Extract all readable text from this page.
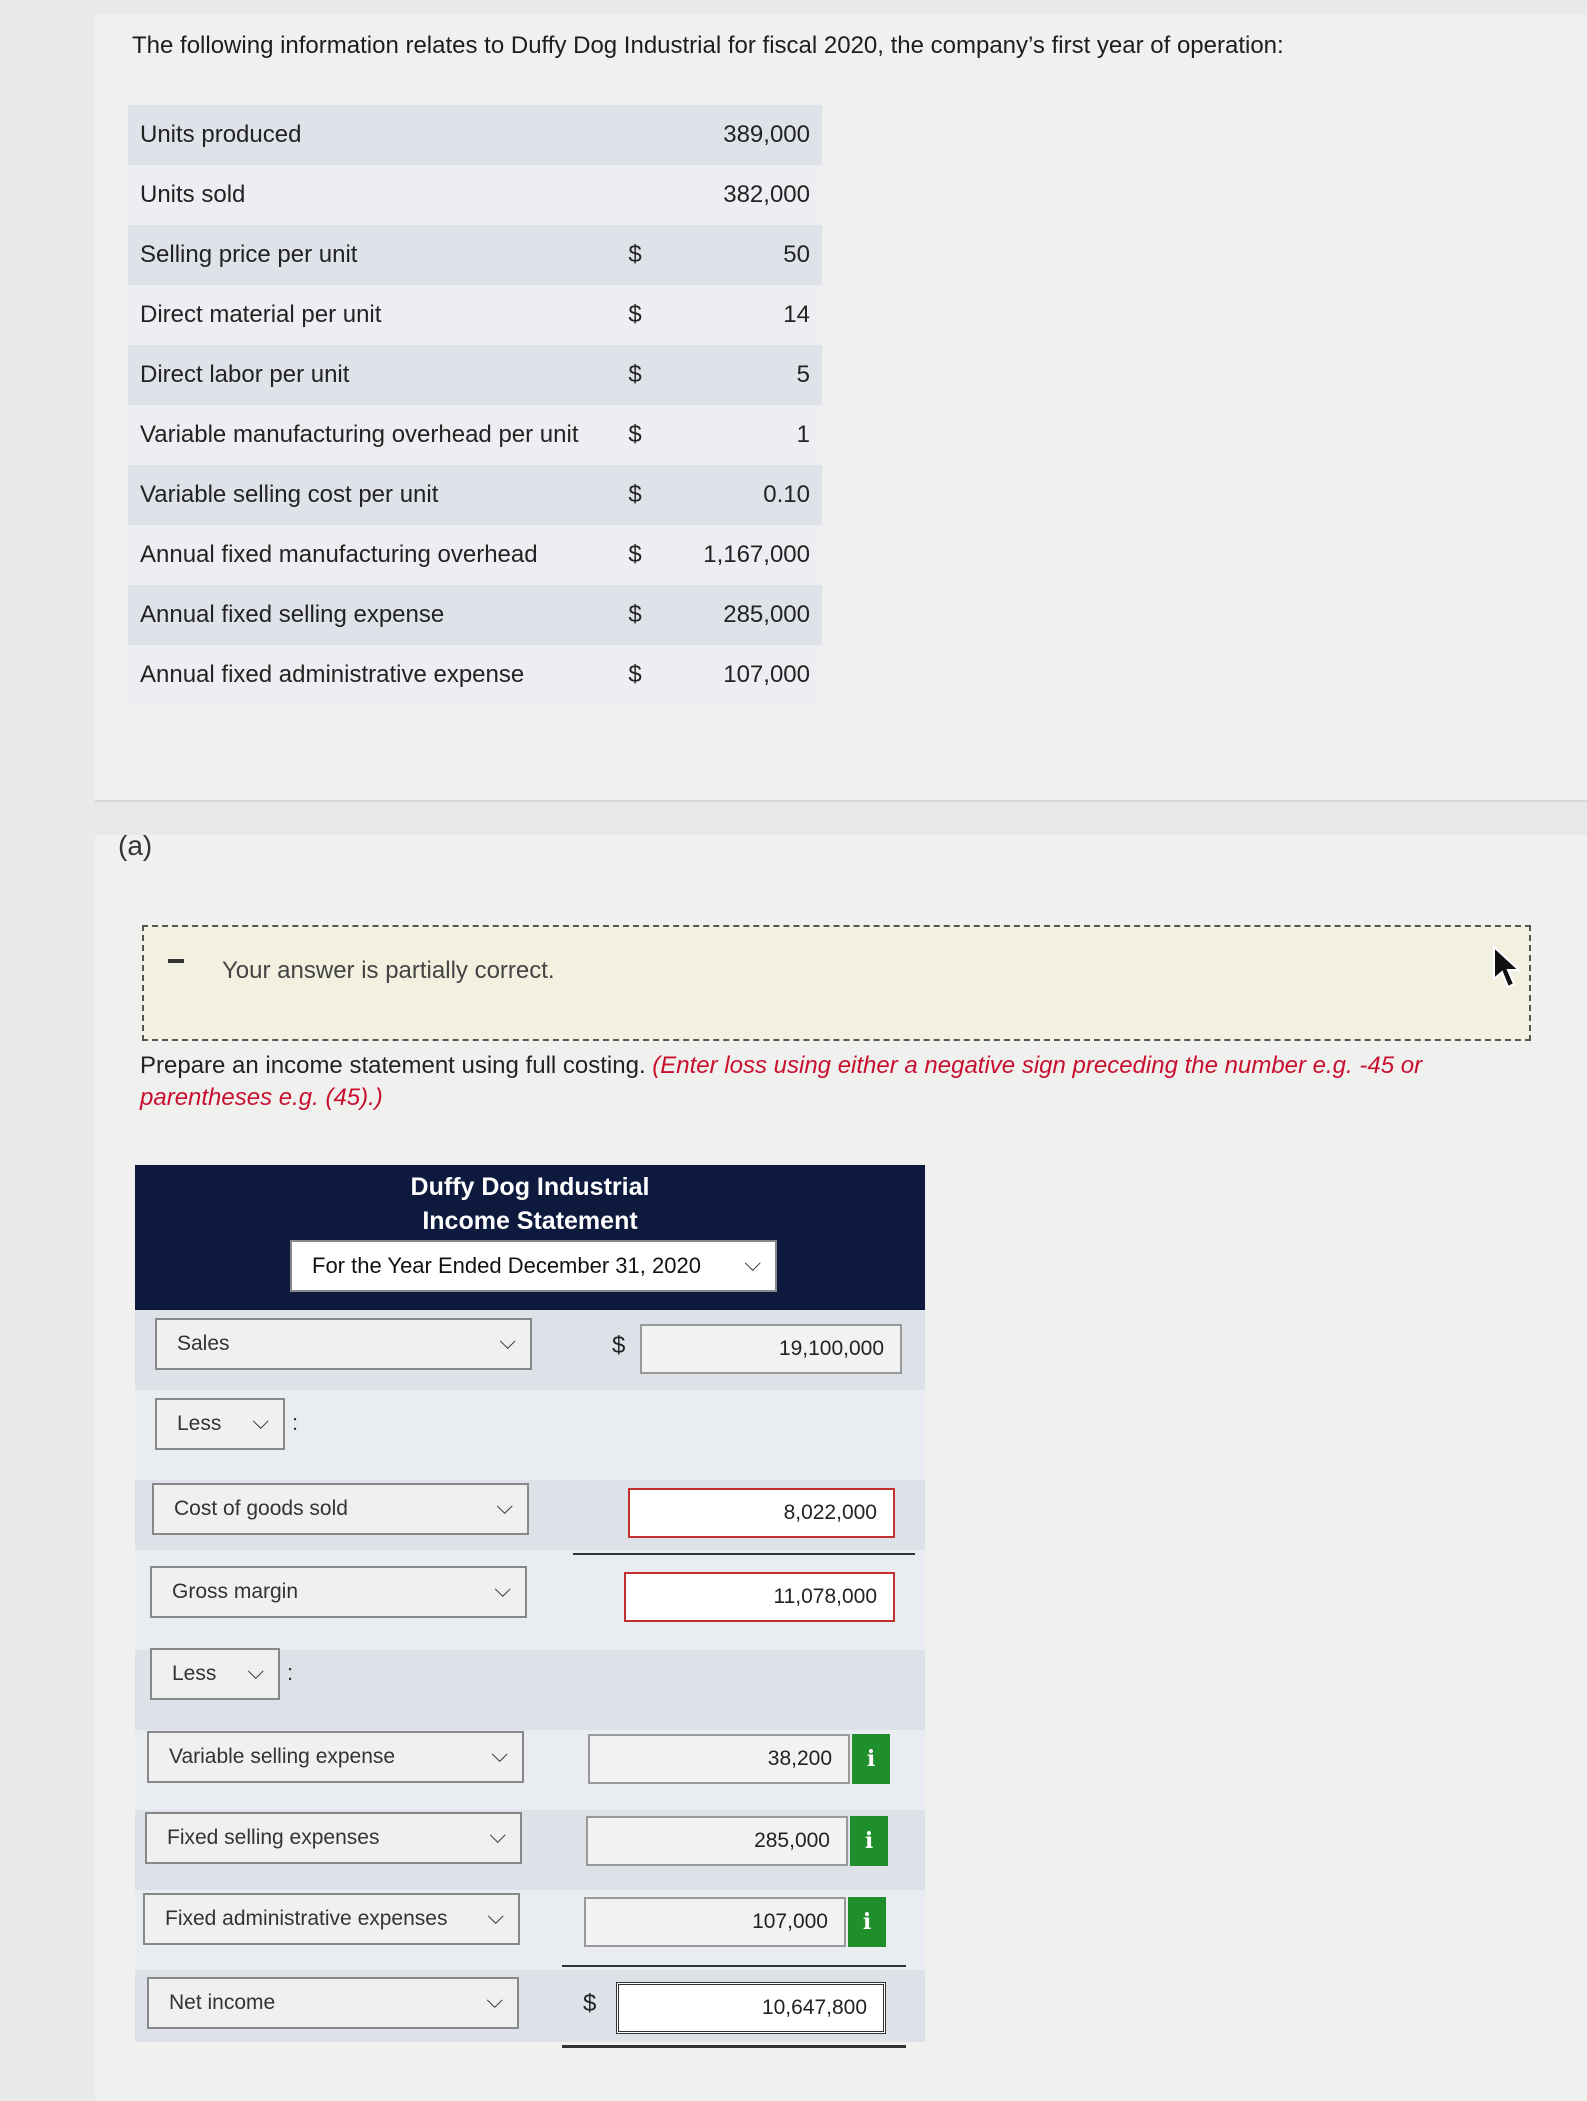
The following information relates to Duffy Dog Industrial for fiscal 2020, the company’s first year of operation:
Units produced		389,000
Units sold		382,000
Selling price per unit	$	50
Direct material per unit	$	14
Direct labor per unit	$	5
Variable manufacturing overhead per unit	$	1
Variable selling cost per unit	$	0.10
Annual fixed manufacturing overhead	$	1,167,000
Annual fixed selling expense	$	285,000
Annual fixed administrative expense	$	107,000
(a)
Your answer is partially correct.
Prepare an income statement using full costing. (Enter loss using either a negative sign preceding the number e.g. -45 or parentheses e.g. (45).)
Duffy Dog Industrial
Income Statement
For the Year Ended December 31, 2020 ⌵
Sales	⌵	$	19,100,000
Less ⌵ :
Cost of goods sold	⌵	8,022,000
Gross margin	⌵	11,078,000
Less ⌵ :
Variable selling expense	⌵	38,200	i
Fixed selling expenses	⌵	285,000	i
Fixed administrative expenses ⌵	107,000	i
Net income	⌵	$	10,647,800
